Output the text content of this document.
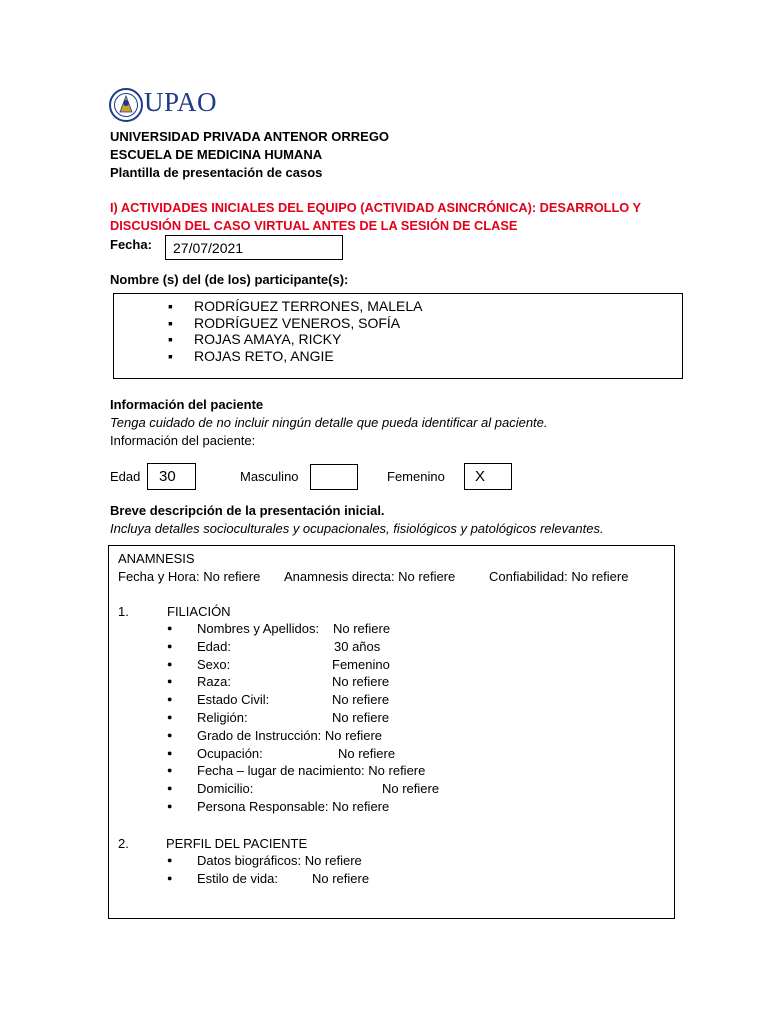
UPAO
UNIVERSIDAD PRIVADA ANTENOR ORREGO
ESCUELA DE MEDICINA HUMANA
Plantilla de presentación de casos
I) ACTIVIDADES INICIALES DEL EQUIPO (ACTIVIDAD ASINCRÓNICA): DESARROLLO Y
DISCUSIÓN DEL CASO VIRTUAL ANTES DE LA SESIÓN DE CLASE
Fecha: 27/07/2021
Nombre (s) del (de los) participante(s):
▪ RODRÍGUEZ TERRONES, MALELA
▪ RODRÍGUEZ VENEROS, SOFÍA
▪ ROJAS AMAYA, RICKY
▪ ROJAS RETO, ANGIE
Información del paciente
Tenga cuidado de no incluir ningún detalle que pueda identificar al paciente.
Información del paciente:
Edad 30	Masculino	Femenino X
Breve descripción de la presentación inicial.
Incluya detalles socioculturales y ocupacionales, fisiológicos y patológicos relevantes.
ANAMNESIS
Fecha y Hora: No refiere Anamnesis directa: No refiere	Confiabilidad: No refiere
1.	FILIACIÓN
● Nombres y Apellidos: No refiere
● Edad:	30 años
● Sexo:	Femenino
● Raza:	No refiere
● Estado Civil:	No refiere
● Religión:	No refiere
● Grado de Instrucción: No refiere
● Ocupación:	No refiere
● Fecha – lugar de nacimiento: No refiere
● Domicilio:	No refiere
● Persona Responsable: No refiere
2.	PERFIL DEL PACIENTE
● Datos biográficos: No refiere
● Estilo de vida:	No refiere
